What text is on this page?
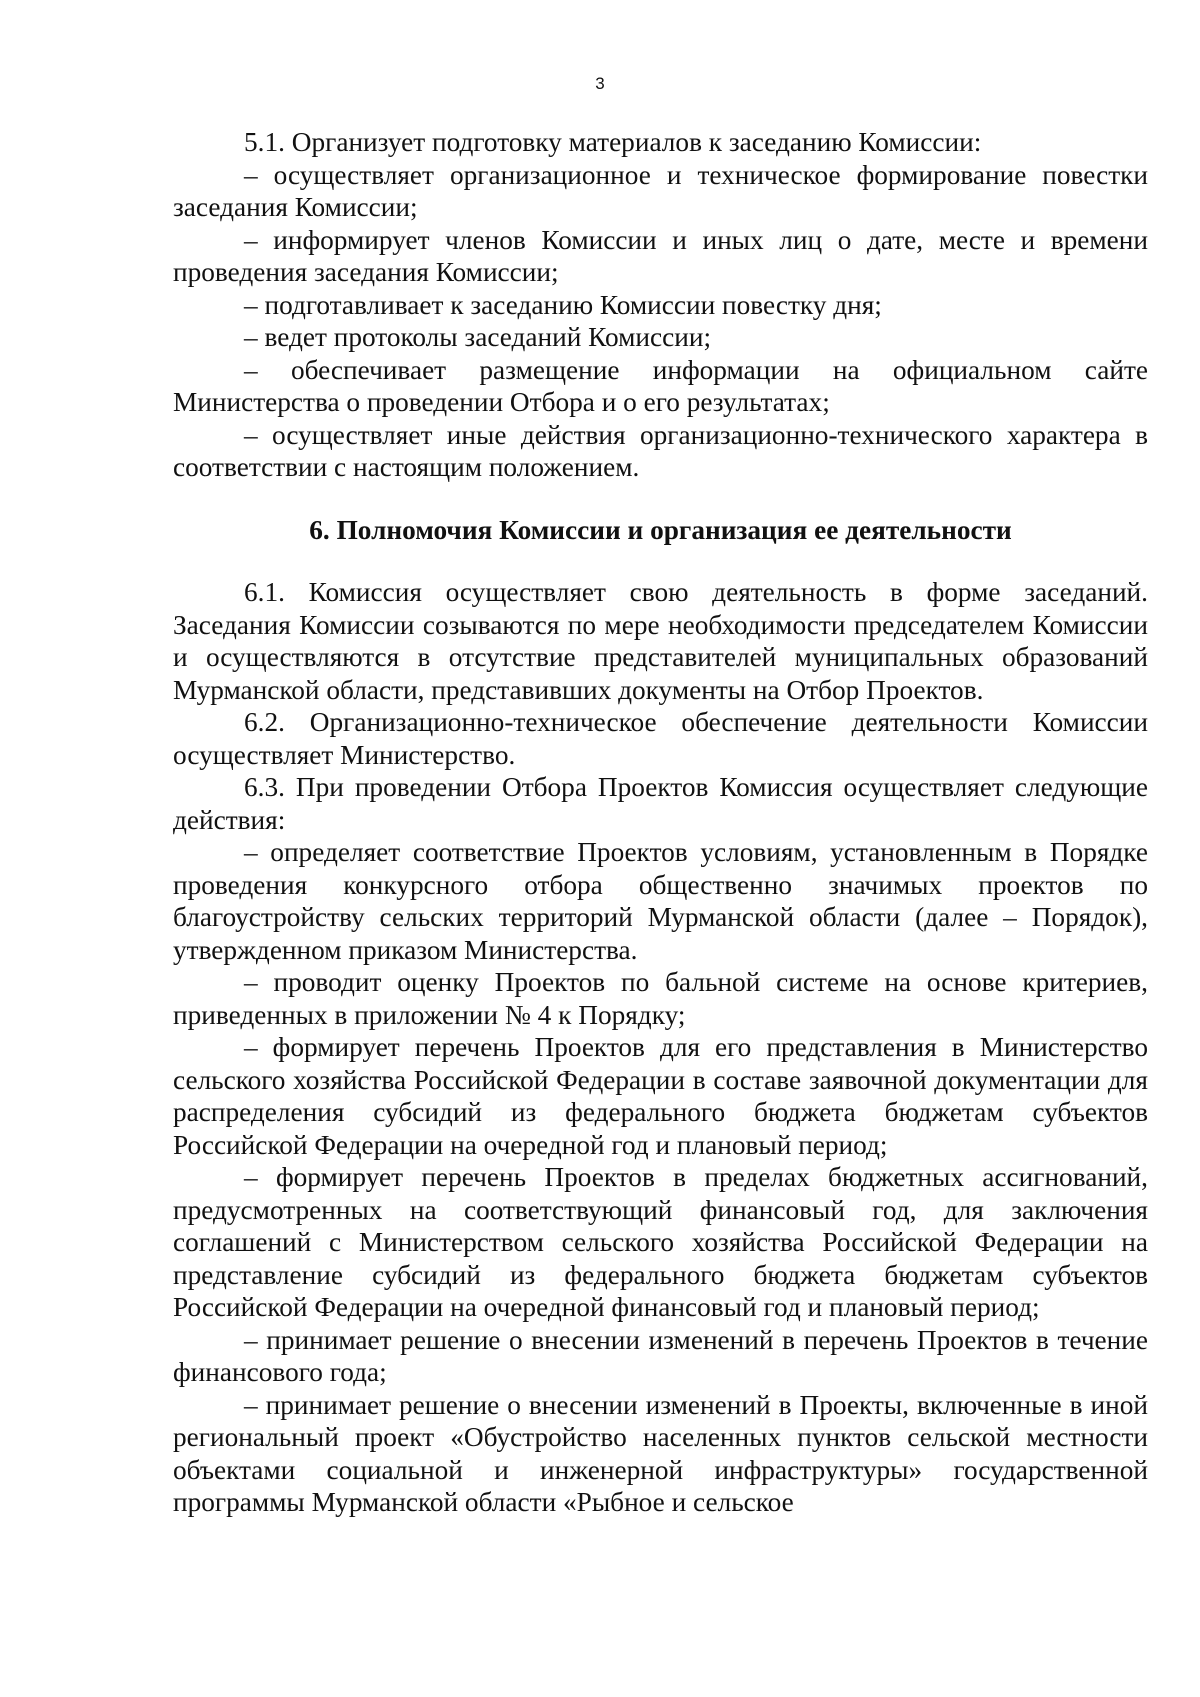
3

5.1. Организует подготовку материалов к заседанию Комиссии:

– осуществляет организационное и техническое формирование повестки заседания Комиссии;

– информирует членов Комиссии и иных лиц о дате, месте и времени проведения заседания Комиссии;

– подготавливает к заседанию Комиссии повестку дня;

– ведет протоколы заседаний Комиссии;

– обеспечивает размещение информации на официальном сайте Министерства о проведении Отбора и о его результатах;

– осуществляет иные действия организационно-технического характера в соответствии с настоящим положением.

6. Полномочия Комиссии и организация ее деятельности

6.1. Комиссия осуществляет свою деятельность в форме заседаний. Заседания Комиссии созываются по мере необходимости председателем Комиссии и осуществляются в отсутствие представителей муниципальных образований Мурманской области, представивших документы на Отбор Проектов.

6.2. Организационно-техническое обеспечение деятельности Комиссии осуществляет Министерство.

6.3. При проведении Отбора Проектов Комиссия осуществляет следующие действия:

– определяет соответствие Проектов условиям, установленным в Порядке проведения конкурсного отбора общественно значимых проектов по благоустройству сельских территорий Мурманской области (далее – Порядок), утвержденном приказом Министерства.

– проводит оценку Проектов по бальной системе на основе критериев, приведенных в приложении № 4 к Порядку;

– формирует перечень Проектов для его представления в Министерство сельского хозяйства Российской Федерации в составе заявочной документации для распределения субсидий из федерального бюджета бюджетам субъектов Российской Федерации на очередной год и плановый период;

– формирует перечень Проектов в пределах бюджетных ассигнований, предусмотренных на соответствующий финансовый год, для заключения соглашений с Министерством сельского хозяйства Российской Федерации на представление субсидий из федерального бюджета бюджетам субъектов Российской Федерации на очередной финансовый год и плановый период;

– принимает решение о внесении изменений в перечень Проектов в течение финансового года;

– принимает решение о внесении изменений в Проекты, включенные в иной региональный проект «Обустройство населенных пунктов сельской местности объектами социальной и инженерной инфраструктуры» государственной программы Мурманской области «Рыбное и сельское
